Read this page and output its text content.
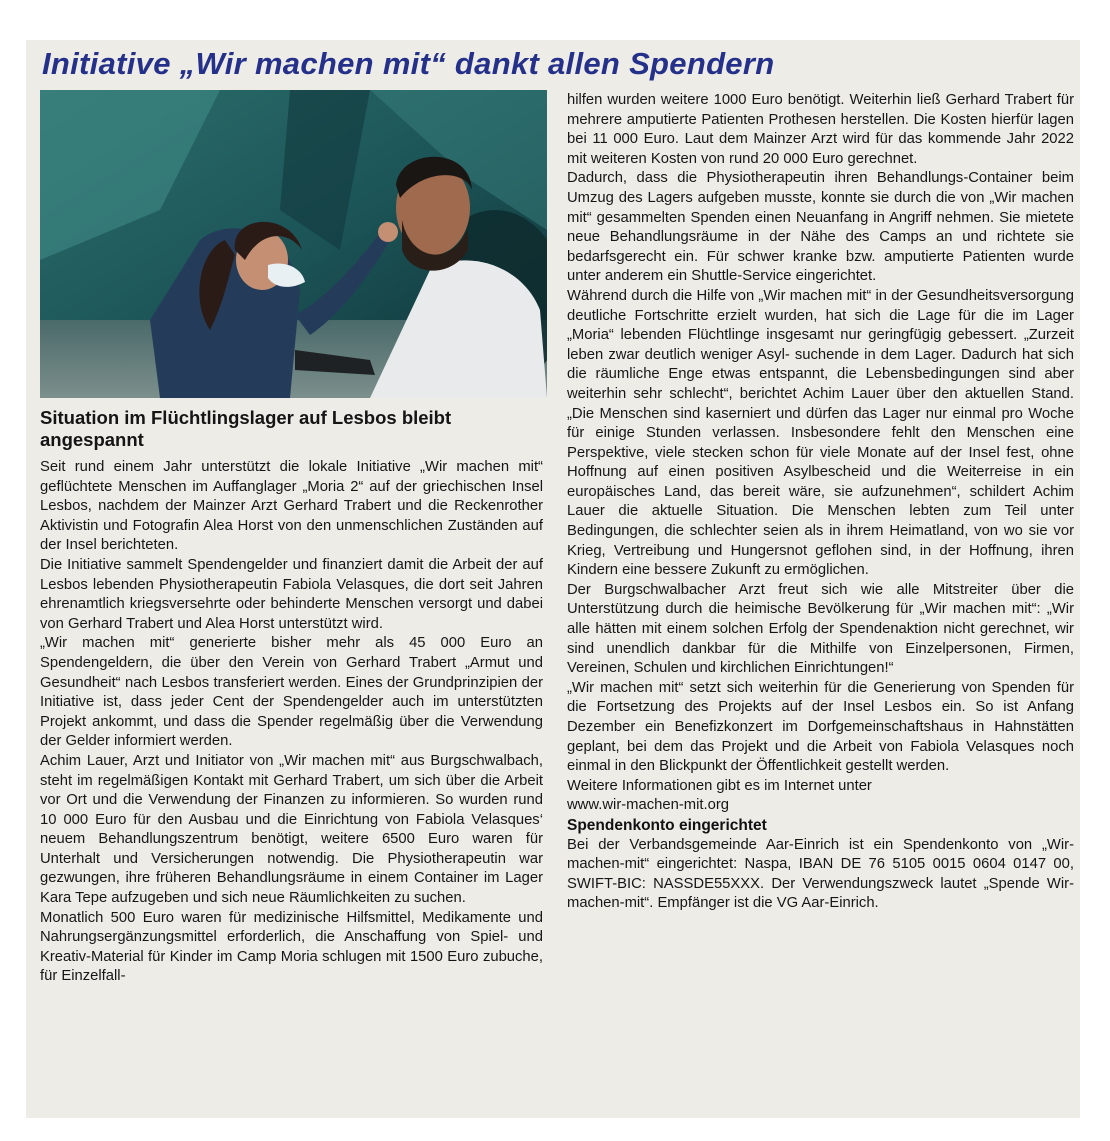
Initiative „Wir machen mit“ dankt allen Spendern
Situation im Flüchtlingslager auf Lesbos bleibt angespannt

Seit rund einem Jahr unterstützt die lokale Initiative „Wir machen mit“ geflüchtete Menschen im Auffanglager „Moria 2“ auf der griechischen Insel Lesbos, nachdem der Mainzer Arzt Gerhard Trabert und die Reckenrother Aktivistin und Fotografin Alea Horst von den unmenschlichen Zuständen auf der Insel berichteten.

Die Initiative sammelt Spendengelder und finanziert damit die Arbeit der auf Lesbos lebenden Physiotherapeutin Fabiola Velasques, die dort seit Jahren ehrenamtlich kriegsversehrte oder behinderte Menschen versorgt und dabei von Gerhard Trabert und Alea Horst unterstützt wird.

„Wir machen mit“ generierte bisher mehr als 45 000 Euro an Spendengeldern, die über den Verein von Gerhard Trabert „Armut und Gesundheit“ nach Lesbos transferiert werden. Eines der Grundprinzipien der Initiative ist, dass jeder Cent der Spendengelder auch im unterstützten Projekt ankommt, und dass die Spender regelmäßig über die Verwendung der Gelder informiert werden.

Achim Lauer, Arzt und Initiator von „Wir machen mit“ aus Burgschwalbach, steht im regelmäßigen Kontakt mit Gerhard Trabert, um sich über die Arbeit vor Ort und die Verwendung der Finanzen zu informieren. So wurden rund 10 000 Euro für den Ausbau und die Einrichtung von Fabiola Velasques‘ neuem Behandlungszentrum benötigt, weitere 6500 Euro waren für Unterhalt und Versicherungen notwendig. Die Physiotherapeutin war gezwungen, ihre früheren Behandlungsräume in einem Container im Lager Kara Tepe aufzugeben und sich neue Räumlichkeiten zu suchen.

Monatlich 500 Euro waren für medizinische Hilfsmittel, Medikamente und Nahrungsergänzungsmittel erforderlich, die Anschaffung von Spiel- und Kreativ-Material für Kinder im Camp Moria schlugen mit 1500 Euro zubuche, für Einzelfall-

hilfen wurden weitere 1000 Euro benötigt. Weiterhin ließ Gerhard Trabert für mehrere amputierte Patienten Prothesen herstellen. Die Kosten hierfür lagen bei 11 000 Euro. Laut dem Mainzer Arzt wird für das kommende Jahr 2022 mit weiteren Kosten von rund 20 000 Euro gerechnet.

Dadurch, dass die Physiotherapeutin ihren Behandlungs-Container beim Umzug des Lagers aufgeben musste, konnte sie durch die von „Wir machen mit“ gesammelten Spenden einen Neuanfang in Angriff nehmen. Sie mietete neue Behandlungsräume in der Nähe des Camps an und richtete sie bedarfsgerecht ein. Für schwer kranke bzw. amputierte Patienten wurde unter anderem ein Shuttle-Service eingerichtet.

Während durch die Hilfe von „Wir machen mit“ in der Gesundheitsversorgung deutliche Fortschritte erzielt wurden, hat sich die Lage für die im Lager „Moria“ lebenden Flüchtlinge insgesamt nur geringfügig gebessert. „Zurzeit leben zwar deutlich weniger Asyl- suchende in dem Lager. Dadurch hat sich die räumliche Enge etwas entspannt, die Lebensbedingungen sind aber weiterhin sehr schlecht“, berichtet Achim Lauer über den aktuellen Stand. „Die Menschen sind kaserniert und dürfen das Lager nur einmal pro Woche für einige Stunden verlassen. Insbesondere fehlt den Menschen eine Perspektive, viele stecken schon für viele Monate auf der Insel fest, ohne Hoffnung auf einen positiven Asylbescheid und die Weiterreise in ein europäisches Land, das bereit wäre, sie aufzunehmen“, schildert Achim Lauer die aktuelle Situation. Die Menschen lebten zum Teil unter Bedingungen, die schlechter seien als in ihrem Heimatland, von wo sie vor Krieg, Vertreibung und Hungersnot geflohen sind, in der Hoffnung, ihren Kindern eine bessere Zukunft zu ermöglichen.

Der Burgschwalbacher Arzt freut sich wie alle Mitstreiter über die Unterstützung durch die heimische Bevölkerung für „Wir machen mit“: „Wir alle hätten mit einem solchen Erfolg der Spendenaktion nicht gerechnet, wir sind unendlich dankbar für die Mithilfe von Einzelpersonen, Firmen, Vereinen, Schulen und kirchlichen Einrichtungen!“

„Wir machen mit“ setzt sich weiterhin für die Generierung von Spenden für die Fortsetzung des Projekts auf der Insel Lesbos ein. So ist Anfang Dezember ein Benefizkonzert im Dorfgemeinschaftshaus in Hahnstätten geplant, bei dem das Projekt und die Arbeit von Fabiola Velasques noch einmal in den Blickpunkt der Öffentlichkeit gestellt werden.

Weitere Informationen gibt es im Internet unter

www.wir-machen-mit.org

Spendenkonto eingerichtet

Bei der Verbandsgemeinde Aar-Einrich ist ein Spendenkonto von „Wir-machen-mit“ eingerichtet: Naspa, IBAN DE 76 5105 0015 0604 0147 00, SWIFT-BIC: NASSDE55XXX. Der Verwendungszweck lautet „Spende Wir-machen-mit“. Empfänger ist die VG Aar-Einrich.
